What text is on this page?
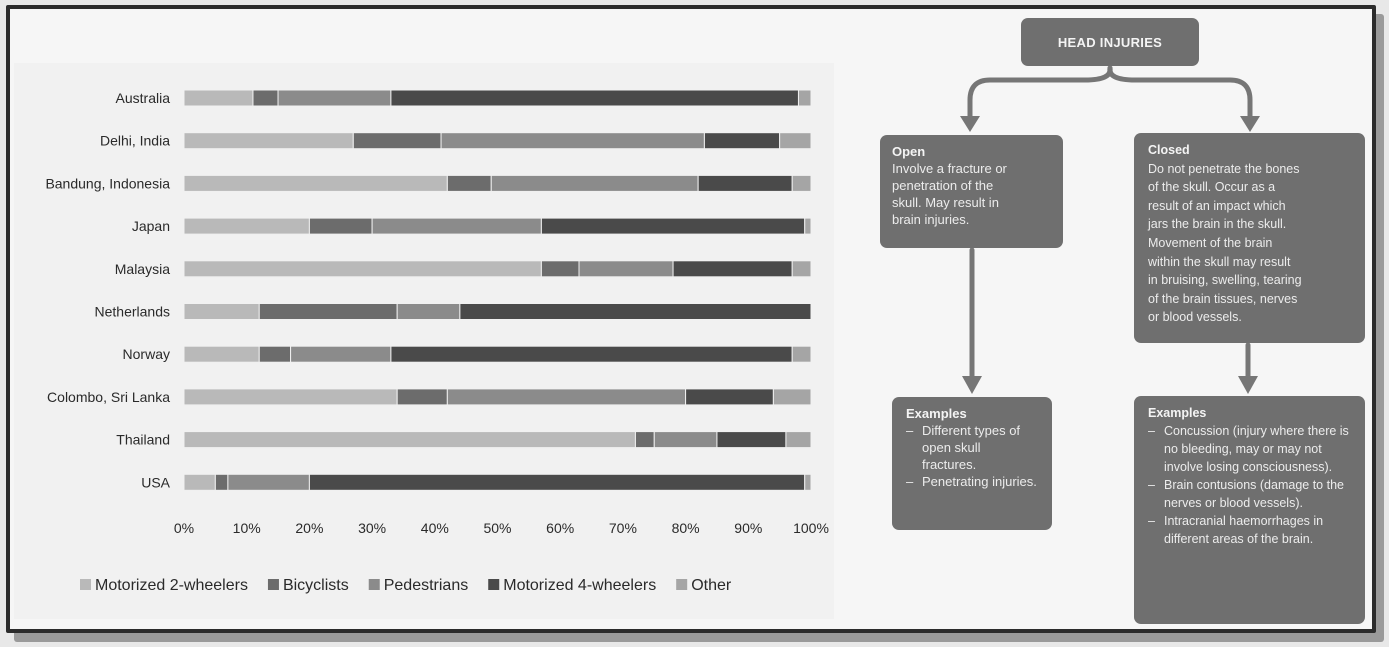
Australia
Delhi, India
Bandung, Indonesia
Japan
Malaysia
Netherlands
Norway
Colombo, Sri Lanka
Thailand
USA
0%	10% 20% 30% 40% 50% 60% 70% 80% 90% 100%
Motorized 2-wheelers Bicyclists Pedestrians Motorized 4-wheelers Other
HEAD INJURIES
Open
Involve a fracture or
penetration of the
skull. May result in
brain injuries.
Closed
Do not penetrate the bones
of the skull. Occur as a
result of an impact which
jars the brain in the skull.
Movement of the brain
within the skull may result
in bruising, swelling, tearing
of the brain tissues, nerves
or blood vessels.
Examples
– Different types of open skull fractures.
– Penetrating injuries.
Examples
– Concussion (injury where there is no bleeding, may or may not involve losing consciousness).
– Brain contusions (damage to the nerves or blood vessels).
– Intracranial haemorrhages in different areas of the brain.
